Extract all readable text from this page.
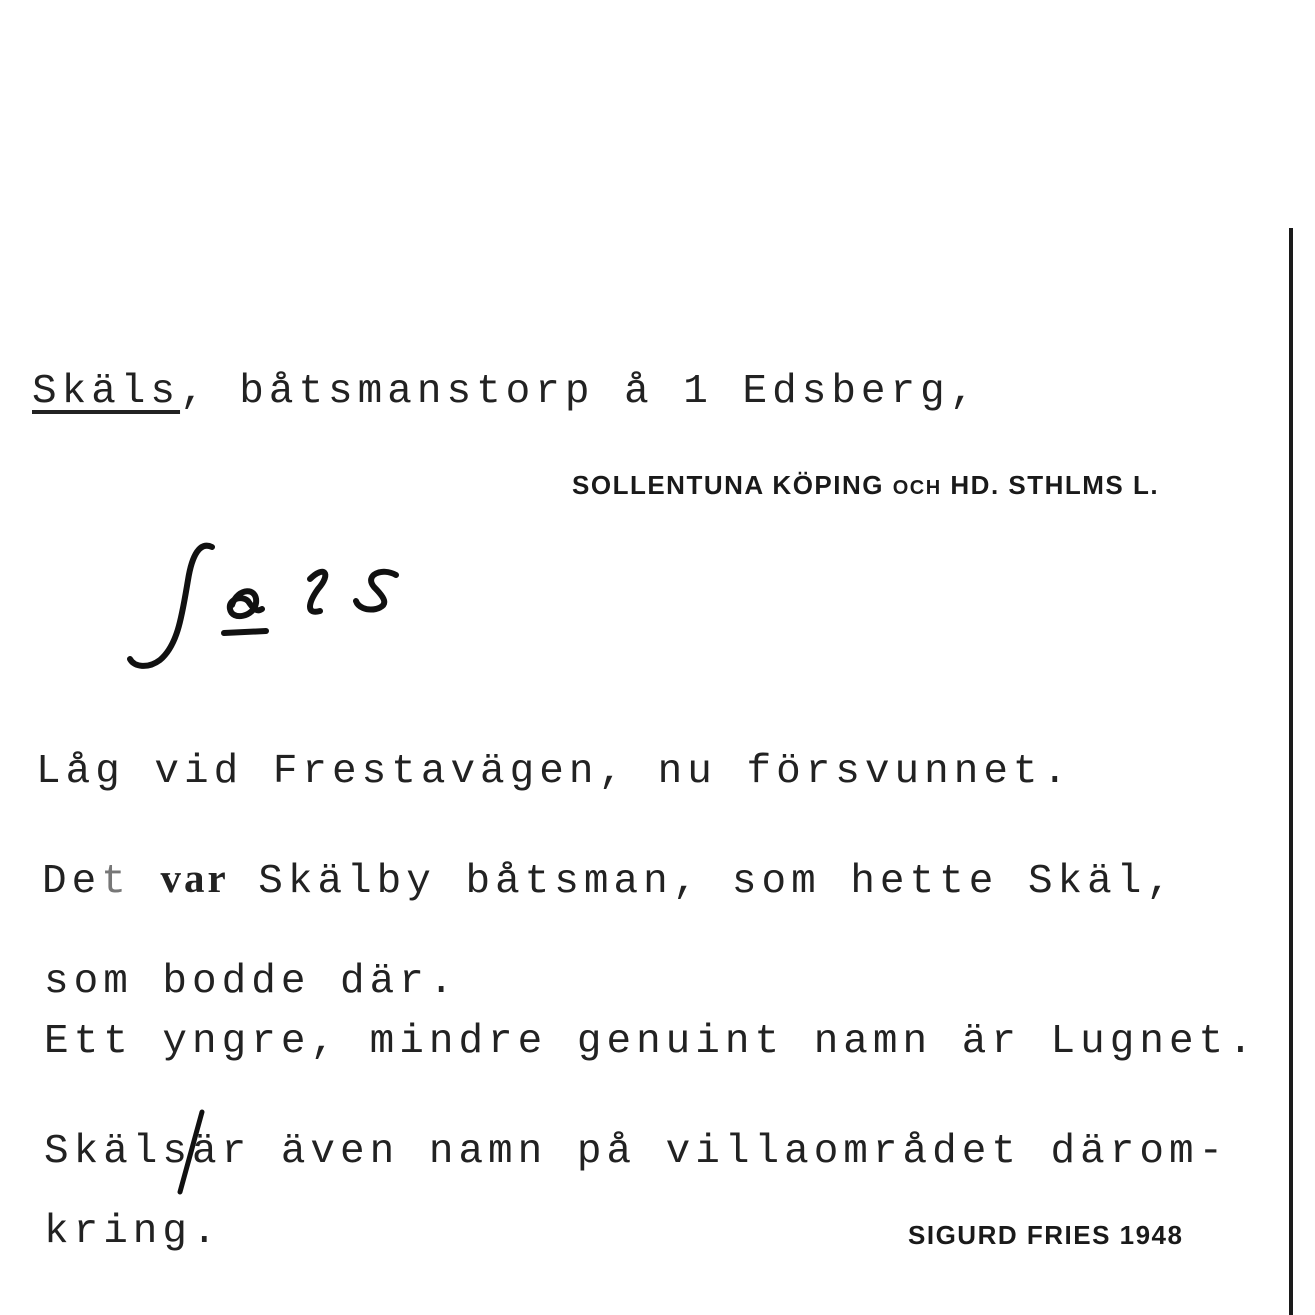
Skäls, båtsmanstorp å 1 Edsberg,
SOLLENTUNA KÖPING OCH HD. STHLMS L.
Låg vid Frestavägen, nu försvunnet.
Det var Skälby båtsman, som hette Skäl,
som bodde där.
Ett yngre, mindre genuint namn är Lugnet.
Skälsär även namn på villaområdet därom-
kring.	SIGURD FRIES 1948
